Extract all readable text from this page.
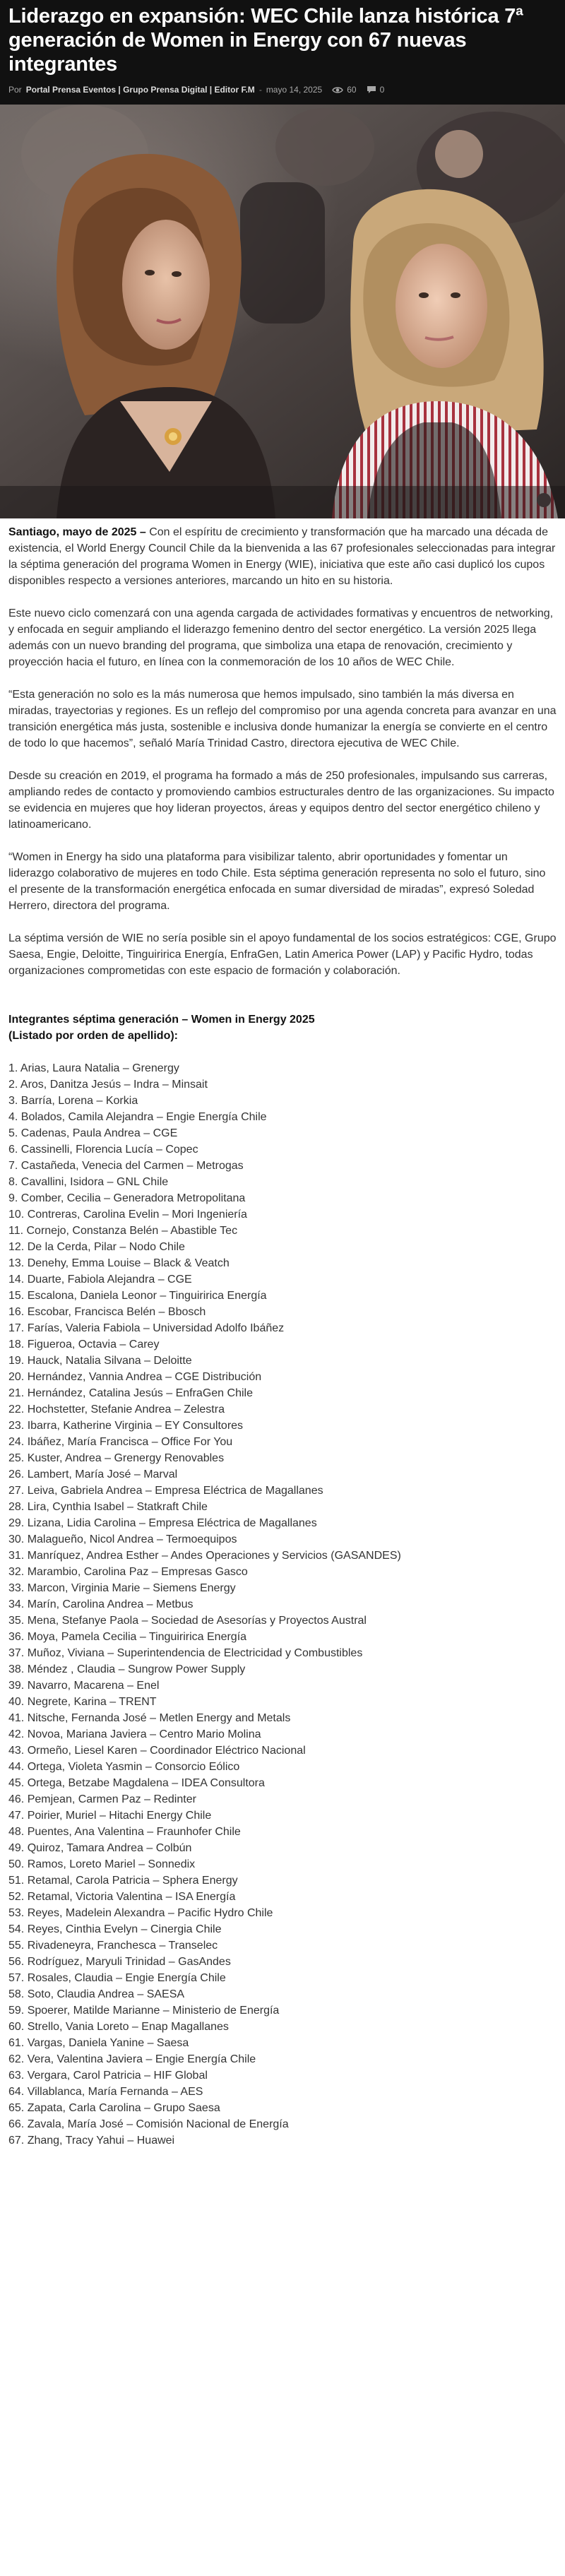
Liderazgo en expansión: WEC Chile lanza histórica 7ª generación de Women in Energy con 67 nuevas integrantes
Por Portal Prensa Eventos | Grupo Prensa Digital | Editor F.M - mayo 14, 2025	60	0

Santiago, mayo de 2025 – Con el espíritu de crecimiento y transformación que ha marcado una década de existencia, el World Energy Council Chile da la bienvenida a las 67 profesionales seleccionadas para integrar la séptima generación del programa Women in Energy (WIE), iniciativa que este año casi duplicó los cupos disponibles respecto a versiones anteriores, marcando un hito en su historia.

Este nuevo ciclo comenzará con una agenda cargada de actividades formativas y encuentros de networking, y enfocada en seguir ampliando el liderazgo femenino dentro del sector energético. La versión 2025 llega además con un nuevo branding del programa, que simboliza una etapa de renovación, crecimiento y proyección hacia el futuro, en línea con la conmemoración de los 10 años de WEC Chile.

“Esta generación no solo es la más numerosa que hemos impulsado, sino también la más diversa en miradas, trayectorias y regiones. Es un reflejo del compromiso por una agenda concreta para avanzar en una transición energética más justa, sostenible e inclusiva donde humanizar la energía se convierte en el centro de todo lo que hacemos”, señaló María Trinidad Castro, directora ejecutiva de WEC Chile.

Desde su creación en 2019, el programa ha formado a más de 250 profesionales, impulsando sus carreras, ampliando redes de contacto y promoviendo cambios estructurales dentro de las organizaciones. Su impacto se evidencia en mujeres que hoy lideran proyectos, áreas y equipos dentro del sector energético chileno y latinoamericano.

“Women in Energy ha sido una plataforma para visibilizar talento, abrir oportunidades y fomentar un liderazgo colaborativo de mujeres en todo Chile. Esta séptima generación representa no solo el futuro, sino el presente de la transformación energética enfocada en sumar diversidad de miradas”, expresó Soledad Herrero, directora del programa.

La séptima versión de WIE no sería posible sin el apoyo fundamental de los socios estratégicos: CGE, Grupo Saesa, Engie, Deloitte, Tinguiririca Energía, EnfraGen, Latin America Power (LAP) y Pacific Hydro, todas organizaciones comprometidas con este espacio de formación y colaboración.

Integrantes séptima generación – Women in Energy 2025
(Listado por orden de apellido):
1. Arias, Laura Natalia – Grenergy
2. Aros, Danitza Jesús – Indra – Minsait
3. Barría, Lorena – Korkia
4. Bolados, Camila Alejandra – Engie Energía Chile
5. Cadenas, Paula Andrea – CGE
6. Cassinelli, Florencia Lucía – Copec
7. Castañeda, Venecia del Carmen – Metrogas
8. Cavallini, Isidora – GNL Chile
9. Comber, Cecilia – Generadora Metropolitana
10. Contreras, Carolina Evelin – Mori Ingeniería
11. Cornejo, Constanza Belén – Abastible Tec
12. De la Cerda, Pilar – Nodo Chile
13. Denehy, Emma Louise – Black & Veatch
14. Duarte, Fabiola Alejandra – CGE
15. Escalona, Daniela Leonor – Tinguiririca Energía
16. Escobar, Francisca Belén – Bbosch
17. Farías, Valeria Fabiola – Universidad Adolfo Ibáñez
18. Figueroa, Octavia – Carey
19. Hauck, Natalia Silvana – Deloitte
20. Hernández, Vannia Andrea – CGE Distribución
21. Hernández, Catalina Jesús – EnfraGen Chile
22. Hochstetter, Stefanie Andrea – Zelestra
23. Ibarra, Katherine Virginia – EY Consultores
24. Ibáñez, María Francisca – Office For You
25. Kuster, Andrea – Grenergy Renovables
26. Lambert, María José – Marval
27. Leiva, Gabriela Andrea – Empresa Eléctrica de Magallanes
28. Lira, Cynthia Isabel – Statkraft Chile
29. Lizana, Lidia Carolina – Empresa Eléctrica de Magallanes
30. Malagueño, Nicol Andrea – Termoequipos
31. Manríquez, Andrea Esther – Andes Operaciones y Servicios (GASANDES)
32. Marambio, Carolina Paz – Empresas Gasco
33. Marcon, Virginia Marie – Siemens Energy
34. Marín, Carolina Andrea – Metbus
35. Mena, Stefanye Paola – Sociedad de Asesorías y Proyectos Austral
36. Moya, Pamela Cecilia – Tinguiririca Energía
37. Muñoz, Viviana – Superintendencia de Electricidad y Combustibles
38. Méndez , Claudia – Sungrow Power Supply
39. Navarro, Macarena – Enel
40. Negrete, Karina – TRENT
41. Nitsche, Fernanda José – Metlen Energy and Metals
42. Novoa, Mariana Javiera – Centro Mario Molina
43. Ormeño, Liesel Karen – Coordinador Eléctrico Nacional
44. Ortega, Violeta Yasmin – Consorcio Eólico
45. Ortega, Betzabe Magdalena – IDEA Consultora
46. Pemjean, Carmen Paz – Redinter
47. Poirier, Muriel – Hitachi Energy Chile
48. Puentes, Ana Valentina – Fraunhofer Chile
49. Quiroz, Tamara Andrea – Colbún
50. Ramos, Loreto Mariel – Sonnedix
51. Retamal, Carola Patricia – Sphera Energy
52. Retamal, Victoria Valentina – ISA Energía
53. Reyes, Madelein Alexandra – Pacific Hydro Chile
54. Reyes, Cinthia Evelyn – Cinergia Chile
55. Rivadeneyra, Franchesca – Transelec
56. Rodríguez, Maryuli Trinidad – GasAndes
57. Rosales, Claudia – Engie Energía Chile
58. Soto, Claudia Andrea – SAESA
59. Spoerer, Matilde Marianne – Ministerio de Energía
60. Strello, Vania Loreto – Enap Magallanes
61. Vargas, Daniela Yanine – Saesa
62. Vera, Valentina Javiera – Engie Energía Chile
63. Vergara, Carol Patricia – HIF Global
64. Villablanca, María Fernanda – AES
65. Zapata, Carla Carolina – Grupo Saesa
66. Zavala, María José – Comisión Nacional de Energía
67. Zhang, Tracy Yahui – Huawei
